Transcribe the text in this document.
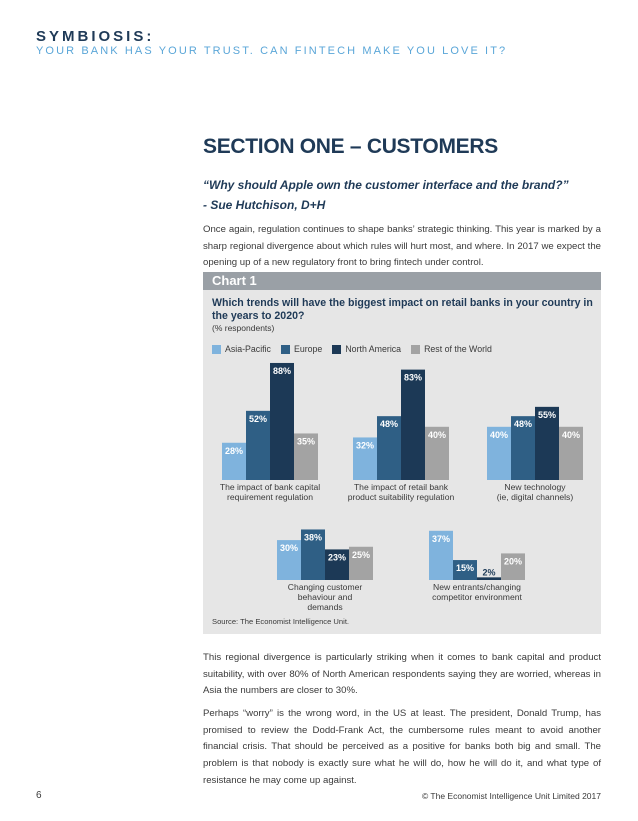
SYMBIOSIS:
YOUR BANK HAS YOUR TRUST. CAN FINTECH MAKE YOU LOVE IT?
SECTION ONE – CUSTOMERS
“Why should Apple own the customer interface and the brand?”
- Sue Hutchison, D+H

Once again, regulation continues to shape banks’ strategic thinking. This year is marked by a sharp regional divergence about which rules will hurt most, and where. In 2017 we expect the opening up of a new regulatory front to bring fintech under control.

Chart 1
Which trends will have the biggest impact on retail banks in your country in the years to 2020?
(% respondents)
Asia-Pacific	Europe	North America	Rest of the World
28%
52%
88%
35%
The impact of bank capital
requirement regulation
32%
48%
83%
40%
The impact of retail bank
product suitability regulation
40%
48%
55%
40%
New technology
(ie, digital channels)
30%
38%
23% 25%
Changing customer
behaviour and
demands
37%
15% 2%
20%
New entrants/changing
competitor environment
Source: The Economist Intelligence Unit.

This regional divergence is particularly striking when it comes to bank capital and product suitability, with over 80% of North American respondents saying they are worried, whereas in Asia the numbers are closer to 30%.

Perhaps “worry” is the wrong word, in the US at least. The president, Donald Trump, has promised to review the Dodd-Frank Act, the cumbersome rules meant to avoid another financial crisis. That should be perceived as a positive for banks both big and small. The problem is that nobody is exactly sure what he will do, how he will do it, and what type of resistance he may come up against.

6	© The Economist Intelligence Unit Limited 2017
